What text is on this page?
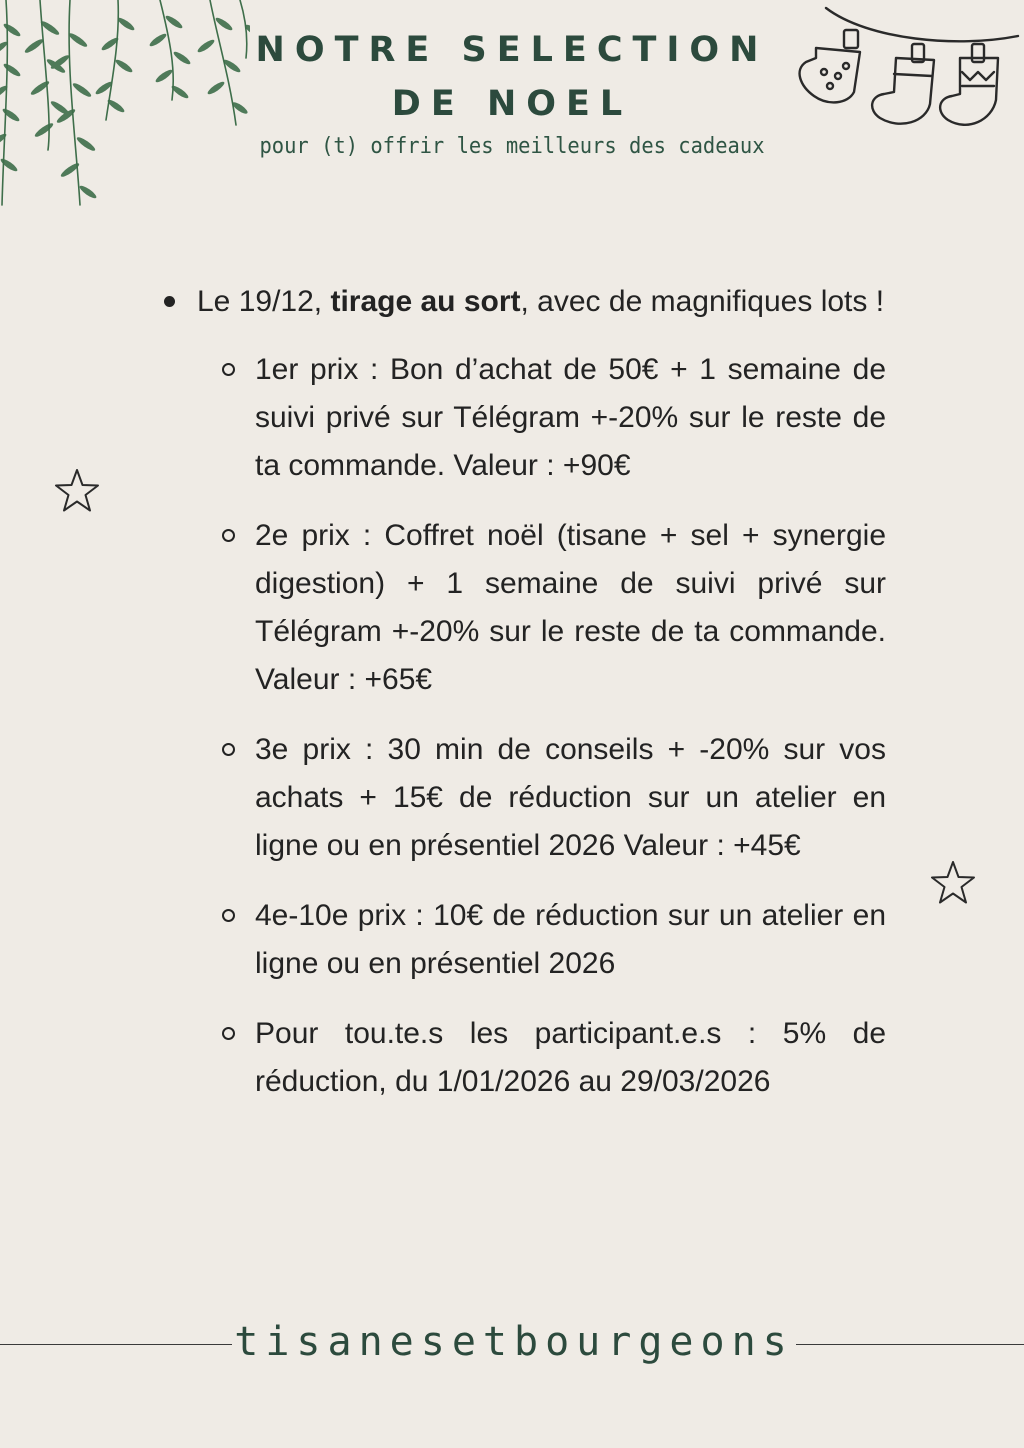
NOTRE SELECTION
DE NOEL
pour (t) offrir les meilleurs des cadeaux

Le 19/12, tirage au sort, avec de magnifiques lots !

1er prix : Bon d’achat de 50€ + 1 semaine de suivi privé sur Télégram +-20% sur le reste de ta commande. Valeur : +90€

2e prix : Coffret noël (tisane + sel + synergie digestion) + 1 semaine de suivi privé sur Télégram +-20% sur le reste de ta commande. Valeur : +65€

3e prix : 30 min de conseils + -20% sur vos achats + 15€ de réduction sur un atelier en ligne ou en présentiel 2026 Valeur : +45€

4e-10e prix : 10€ de réduction sur un atelier en ligne ou en présentiel 2026

Pour tou.te.s les participant.e.s : 5% de réduction, du 1/01/2026 au 29/03/2026

tisanesetbourgeons
